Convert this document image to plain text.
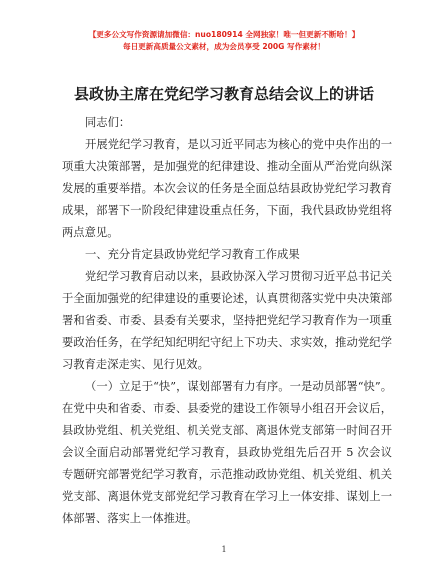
【更多公文写作资源请加微信：nuo180914 全网独家！唯一但更新不断哈！】
每日更新高质量公文素材，成为会员享受 200G 写作素材！
县政协主席在党纪学习教育总结会议上的讲话

同志们：

开展党纪学习教育，是以习近平同志为核心的党中央作出的一项重大决策部署，是加强党的纪律建设、推动全面从严治党向纵深发展的重要举措。本次会议的任务是全面总结县政协党纪学习教育成果，部署下一阶段纪律建设重点任务，下面，我代县政协党组将两点意见。

一、充分肯定县政协党纪学习教育工作成果

党纪学习教育启动以来，县政协深入学习贯彻习近平总书记关于全面加强党的纪律建设的重要论述，认真贯彻落实党中央决策部署和省委、市委、县委有关要求，坚持把党纪学习教育作为一项重要政治任务，在学纪知纪明纪守纪上下功夫、求实效，推动党纪学习教育走深走实、见行见效。

（一）立足于“快”，谋划部署有力有序。一是动员部署“快”。在党中央和省委、市委、县委党的建设工作领导小组召开会议后，县政协党组、机关党组、机关党支部、离退休党支部第一时间召开会议全面启动部署党纪学习教育，县政协党组先后召开 5 次会议专题研究部署党纪学习教育，示范推动政协党组、机关党组、机关党支部、离退休党支部党纪学习教育在学习上一体安排、谋划上一体部署、落实上一体推进。

1
